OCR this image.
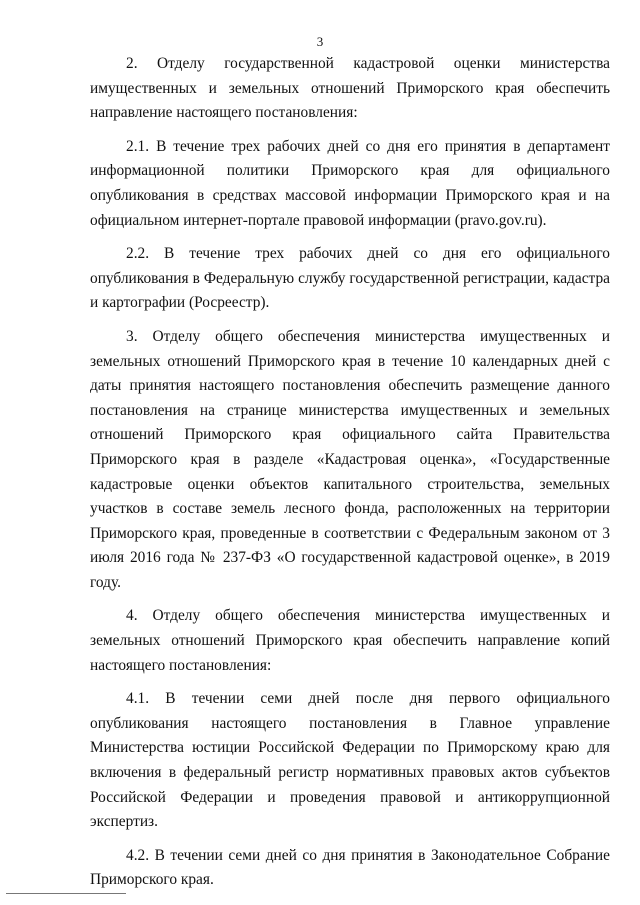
3

2. Отделу государственной кадастровой оценки министерства имущественных и земельных отношений Приморского края обеспечить направление настоящего постановления:

2.1. В течение трех рабочих дней со дня его принятия в департамент информационной политики Приморского края для официального опубликования в средствах массовой информации Приморского края и на официальном интернет-портале правовой информации (pravo.gov.ru).

2.2. В течение трех рабочих дней со дня его официального опубликования в Федеральную службу государственной регистрации, кадастра и картографии (Росреестр).

3. Отделу общего обеспечения министерства имущественных и земельных отношений Приморского края в течение 10 календарных дней с даты принятия настоящего постановления обеспечить размещение данного постановления на странице министерства имущественных и земельных отношений Приморского края официального сайта Правительства Приморского края в разделе «Кадастровая оценка», «Государственные кадастровые оценки объектов капитального строительства, земельных участков в составе земель лесного фонда, расположенных на территории Приморского края, проведенные в соответствии с Федеральным законом от 3 июля 2016 года № 237-ФЗ «О государственной кадастровой оценке», в 2019 году.

4. Отделу общего обеспечения министерства имущественных и земельных отношений Приморского края обеспечить направление копий настоящего постановления:

4.1. В течении семи дней после дня первого официального опубликования настоящего постановления в Главное управление Министерства юстиции Российской Федерации по Приморскому краю для включения в федеральный регистр нормативных правовых актов субъектов Российской Федерации и проведения правовой и антикоррупционной экспертиз.

4.2. В течении семи дней со дня принятия в Законодательное Собрание Приморского края.
